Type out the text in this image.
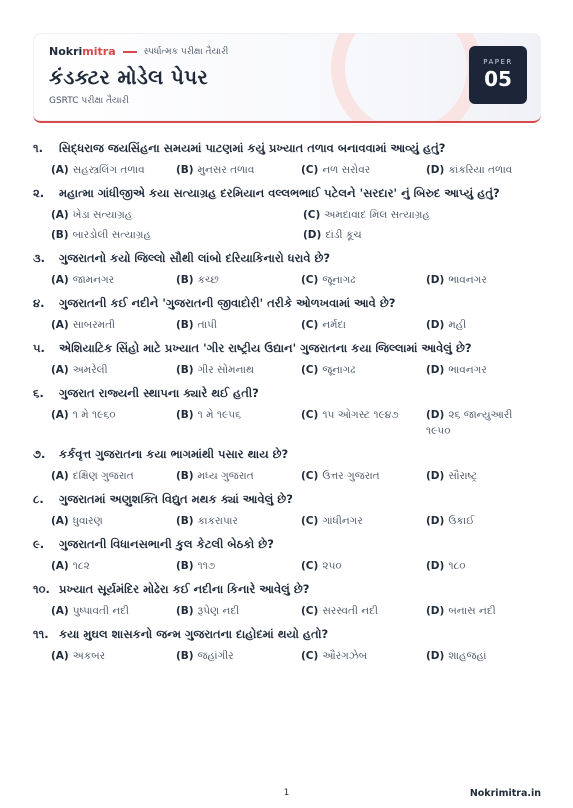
Nokrimitra	સ્પર્ધાત્મક પરીક્ષા તૈયારી
કંડક્ટર મોડેલ પેપર
GSRTC પરીક્ષા તૈયારી
PAPER
05
૧. સિદ્ધરાજ જયસિંહના સમયમાં પાટણમાં કયું પ્રખ્યાત તળાવ બનાવવામાં આવ્યું હતું?
(A) સહસ્ત્રલિંગ તળાવ	(B) મુનસર તળાવ	(C) નળ સરોવર	(D) કાંકરિયા તળાવ
૨. મહાત્મા ગાંધીજીએ કયા સત્યાગ્રહ દરમિયાન વલ્લભભાઈ પટેલને 'સરદાર' નું બિરુદ આપ્યું હતું?
(A) ખેડા સત્યાગ્રહ	(C) અમદાવાદ મિલ સત્યાગ્રહ
(B) બારડોલી સત્યાગ્રહ	(D) દાંડી કૂચ
૩. ગુજરાતનો કયો જિલ્લો સૌથી લાંબો દરિયાકિનારો ધરાવે છે?
(A) જામનગર	(B) કચ્છ	(C) જૂનાગઢ	(D) ભાવનગર
૪. ગુજરાતની કઈ નદીને 'ગુજરાતની જીવાદોરી' તરીકે ઓળખવામાં આવે છે?
(A) સાબરમતી	(B) તાપી	(C) નર્મદા	(D) મહી
૫. એશિયાટિક સિંહો માટે પ્રખ્યાત 'ગીર રાષ્ટ્રીય ઉદ્યાન' ગુજરાતના કયા જિલ્લામાં આવેલું છે?
(A) અમરેલી	(B) ગીર સોમનાથ	(C) જૂનાગઢ	(D) ભાવનગર
૬. ગુજરાત રાજ્યની સ્થાપના ક્યારે થઈ હતી?
(A) ૧ મે ૧૯૬૦	(B) ૧ મે ૧૯૫૬	(C) ૧૫ ઓગસ્ટ ૧૯૪૭	(D) ૨૬ જાન્યુઆરી ૧૯૫૦
૭. કર્કવૃત્ત ગુજરાતના કયા ભાગમાંથી પસાર થાય છે?
(A) દક્ષિણ ગુજરાત	(B) મધ્ય ગુજરાત	(C) ઉત્તર ગુજરાત	(D) સૌરાષ્ટ્ર
૮. ગુજરાતમાં અણુશક્તિ વિદ્યુત મથક ક્યાં આવેલું છે?
(A) ધુવારણ	(B) કાકરાપાર	(C) ગાંધીનગર	(D) ઉકાઈ
૯. ગુજરાતની વિધાનસભાની કુલ કેટલી બેઠકો છે?
(A) ૧૮૨	(B) ૧૧૭	(C) ૨૫૦	(D) ૧૮૦
૧૦. પ્રખ્યાત સૂર્યમંદિર મોઢેરા કઈ નદીના કિનારે આવેલું છે?
(A) પુષ્પાવતી નદી	(B) રૂપેણ નદી	(C) સરસ્વતી નદી	(D) બનાસ નદી
૧૧. કયા મુઘલ શાસકનો જન્મ ગુજરાતના દાહોદમાં થયો હતો?
(A) અકબર	(B) જહાંગીર	(C) ઔરંગઝેબ	(D) શાહજહાં
1	Nokrimitra.in
